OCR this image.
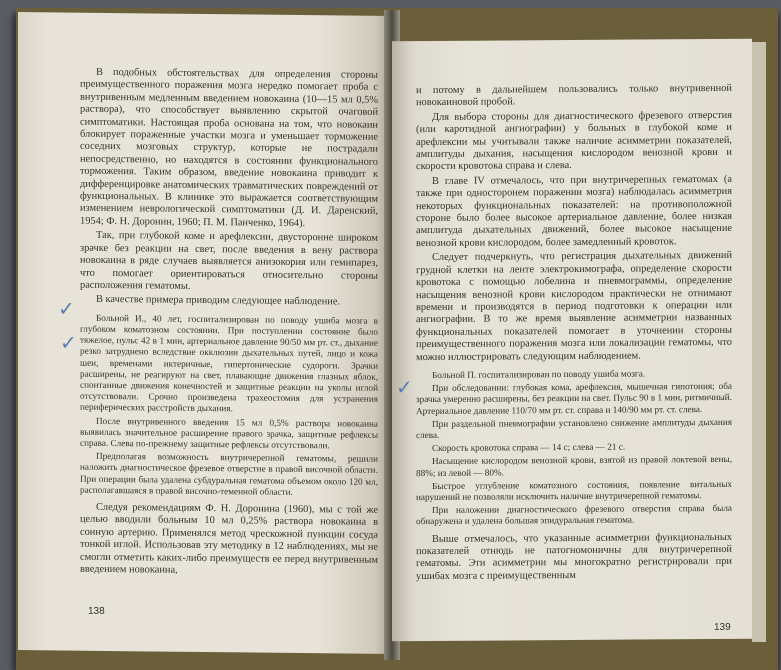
В подобных обстоятельствах для определения стороны преимущественного поражения мозга нередко помогает проба с внутривенным медленным введением новокаина (10—15 мл 0,5% раствора), что способствует выявлению скрытой очаговой симптоматики. Настоящая проба основана на том, что новокаин блокирует пораженные участки мозга и уменьшает торможение соседних мозговых структур, которые не пострадали непосредственно, но находятся в состоянии функционального торможения. Таким образом, введение новокаина приводит к дифференцировке анатомических травматических повреждений от функциональных. В клинике это выражается соответствующим изменением неврологической симптоматики (Д. И. Даренский, 1954; Ф. Н. Доронин, 1960; П. М. Панченко, 1964).

Так, при глубокой коме и арефлексии, двусторонне широком зрачке без реакции на свет, после введения в вену раствора новокаина в ряде случаев выявляется анизокория или гемипарез, что помогает ориентироваться относительно стороны расположения гематомы.

В качестве примера приводим следующее наблюдение.

Больной И., 40 лет, госпитализирован по поводу ушиба мозга в глубоком коматозном состоянии. При поступлении состояние было тяжелое, пульс 42 в 1 мин, артериальное давление 90/50 мм рт. ст., дыхание резко затруднено вследствие окклюзии дыхательных путей, лицо и кожа шеи, временами иктеричные, гипертонические судороги. Зрачки расширены, не реагируют на свет, плавающие движения глазных яблок, спонтанные движения конечностей и защитные реакции на уколы иглой отсутствовали. Срочно произведена трахеостомия для устранения периферических расстройств дыхания.

После внутривенного введения 15 мл 0,5% раствора новокаина выявилась значительное расширение правого зрачка, защитные рефлексы справа. Слева по-прежнему защитные рефлексы отсутствовали.

Предполагая возможность внутричерепной гематомы, решили наложить диагностическое фрезевое отверстие в правой височной области. При операции была удалена субдуральная гематома объемом около 120 мл, располагавшаяся в правой височно-теменной области.

Следуя рекомендациям Ф. Н. Доронина (1960), мы с той же целью вводили больным 10 мл 0,25% раствора новокаина в сонную артерию. Применялся метод чрескожной пункции сосуда тонкой иглой. Использовав эту методику в 12 наблюдениях, мы не смогли отметить каких-либо преимуществ ее перед внутривенным введением новокаина,

✓
✓
138

и потому в дальнейшем пользовались только внутривенной новокаиновой пробой.

Для выбора стороны для диагностического фрезевого отверстия (или каротидной ангиографии) у больных в глубокой коме и арефлексии мы учитывали также наличие асимметрии показателей, амплитуды дыхания, насыщения кислородом венозной крови и скорости кровотока справа и слева.

В главе IV отмечалось, что при внутричерепных гематомах (а также при односторонем поражении мозга) наблюдалась асимметрия некоторых функциональных показателей: на противоположной стороне было более высокое артериальное давление, более низкая амплитуда дыхательных движений, более высокое насыщение венозной крови кислородом, более замедленный кровоток.

Следует подчеркнуть, что регистрация дыхательных движений грудной клетки на ленте электрокимографа, определение скорости кровотока с помощью лобелина и пневмограммы, определение насыщения венозной крови кислородом практически не отнимают времени и производятся в период подготовки к операции или ангиографии. В то же время выявление асимметрии названных функциональных показателей помогает в уточнении стороны преимущественного поражения мозга или локализации гематомы, что можно иллюстрировать следующим наблюдением.

Больной П. госпитализирован по поводу ушиба мозга.

При обследовании: глубокая кома, арефлексия, мышечная гипотония; оба зрачка умеренно расширены, без реакции на свет. Пульс 90 в 1 мин, ритмичный. Артериальное давление 110/70 мм рт. ст. справа и 140/90 мм рт. ст. слева.

При раздельной пневмографии установлено снижение амплитуды дыхания слева.

Скорость кровотока справа — 14 с; слева — 21 с.

Насыщение кислородом венозной крови, взятой из правой локтевой вены, 88%; из левой — 80%.

Быстрое углубление коматозного состояния, появление витальных нарушений не позволяли исключить наличие внутричерепной гематомы.

При наложении диагностического фрезевого отверстия справа была обнаружена и удалена большая эпидуральная гематома.

Выше отмечалось, что указанные асимметрии функциональных показателей отнюдь не патогномоничны для внутричерепной гематомы. Эти асимметрии мы многократно регистрировали при ушибах мозга с преимущественным

✓
139
